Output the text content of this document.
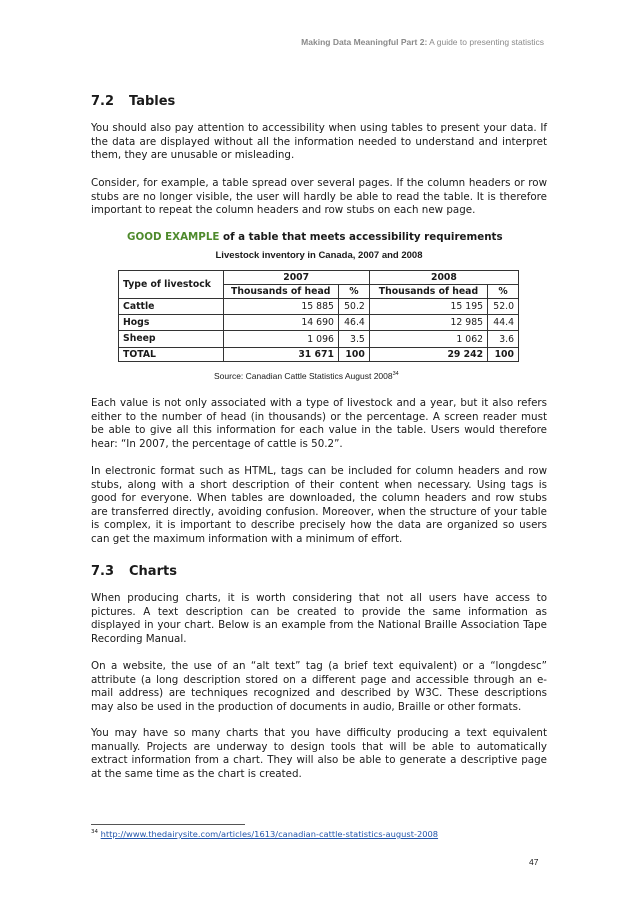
Making Data Meaningful Part 2: A guide to presenting statistics
7.2 Tables

You should also pay attention to accessibility when using tables to present your data. If the data are displayed without all the information needed to understand and interpret them, they are unusable or misleading.

Consider, for example, a table spread over several pages. If the column headers or row stubs are no longer visible, the user will hardly be able to read the table. It is therefore important to repeat the column headers and row stubs on each new page.

GOOD EXAMPLE of a table that meets accessibility requirements
Livestock inventory in Canada, 2007 and 2008
Type of livestock	2007		2008	
	Thousands of head	%	Thousands of head	%
Cattle	15 885	50.2	15 195	52.0
Hogs	14 690	46.4	12 985	44.4
Sheep	1 096	3.5	1 062	3.6
TOTAL	31 671	100	29 242	100
Source: Canadian Cattle Statistics August 2008$^{34}$

Each value is not only associated with a type of livestock and a year, but it also refers either to the number of head (in thousands) or the percentage. A screen reader must be able to give all this information for each value in the table. Users would therefore hear: “In 2007, the percentage of cattle is 50.2”.

In electronic format such as HTML, tags can be included for column headers and row stubs, along with a short description of their content when necessary. Using tags is good for everyone. When tables are downloaded, the column headers and row stubs are transferred directly, avoiding confusion. Moreover, when the structure of your table is complex, it is important to describe precisely how the data are organized so users can get the maximum information with a minimum of effort.

7.3 Charts

When producing charts, it is worth considering that not all users have access to pictures. A text description can be created to provide the same information as displayed in your chart. Below is an example from the National Braille Association Tape Recording Manual.

On a website, the use of an “alt text” tag (a brief text equivalent) or a “longdesc” attribute (a long description stored on a different page and accessible through an e-mail address) are techniques recognized and described by W3C. These descriptions may also be used in the production of documents in audio, Braille or other formats.

You may have so many charts that you have difficulty producing a text equivalent manually. Projects are underway to design tools that will be able to automatically extract information from a chart. They will also be able to generate a descriptive page at the same time as the chart is created.

$^{34}$ http://www.thedairysite.com/articles/1613/canadian-cattle-statistics-august-2008
47
